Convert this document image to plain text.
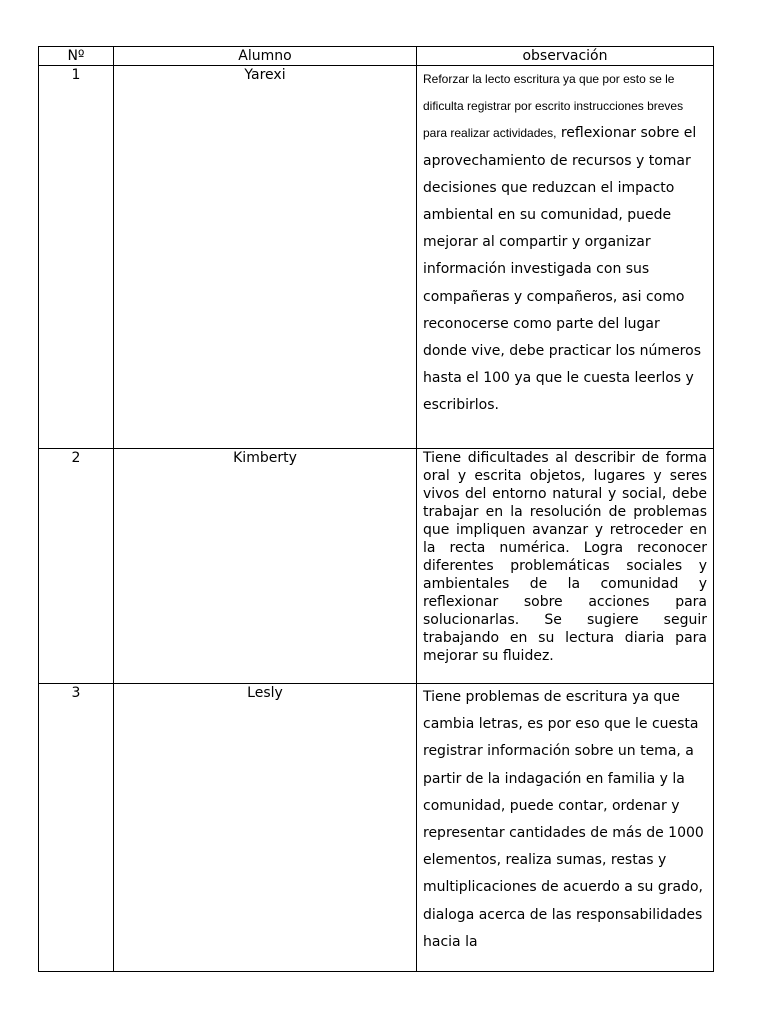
Nº	Alumno	observación
1	Yarexi	Reforzar la lecto escritura ya que por esto se le dificulta registrar por escrito instrucciones breves para realizar actividades, reflexionar sobre el aprovechamiento de recursos y tomar decisiones que reduzcan el impacto ambiental en su comunidad, puede mejorar al compartir y organizar información investigada con sus compañeras y compañeros, asi como reconocerse como parte del lugar donde vive, debe practicar los números hasta el 100 ya que le cuesta leerlos y escribirlos.
2	Kimberty	Tiene dificultades al describir de forma oral y escrita objetos, lugares y seres vivos del entorno natural y social, debe trabajar en la resolución de problemas que impliquen avanzar y retroceder en la recta numérica. Logra reconocer diferentes problemáticas sociales y ambientales de la comunidad y reflexionar sobre acciones para solucionarlas. Se sugiere seguir trabajando en su lectura diaria para mejorar su fluidez.
3	Lesly	Tiene problemas de escritura ya que cambia letras, es por eso que le cuesta registrar información sobre un tema, a partir de la indagación en familia y la comunidad, puede contar, ordenar y representar cantidades de más de 1000 elementos, realiza sumas, restas y multiplicaciones de acuerdo a su grado, dialoga acerca de las responsabilidades hacia la
